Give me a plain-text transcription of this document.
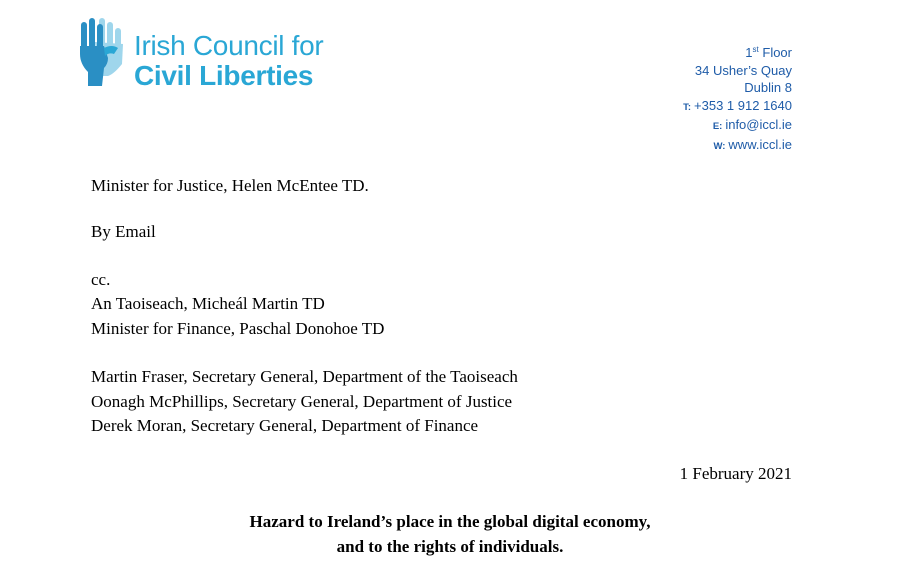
Irish Council for
Civil Liberties
1st Floor
34 Usher’s Quay
Dublin 8
T: +353 1 912 1640
E: info@iccl.ie
W: www.iccl.ie
Minister for Justice, Helen McEntee TD.
By Email
cc.
An Taoiseach, Micheál Martin TD
Minister for Finance, Paschal Donohoe TD
Martin Fraser, Secretary General, Department of the Taoiseach
Oonagh McPhillips, Secretary General, Department of Justice
Derek Moran, Secretary General, Department of Finance
1 February 2021
Hazard to Ireland’s place in the global digital economy,
and to the rights of individuals.
